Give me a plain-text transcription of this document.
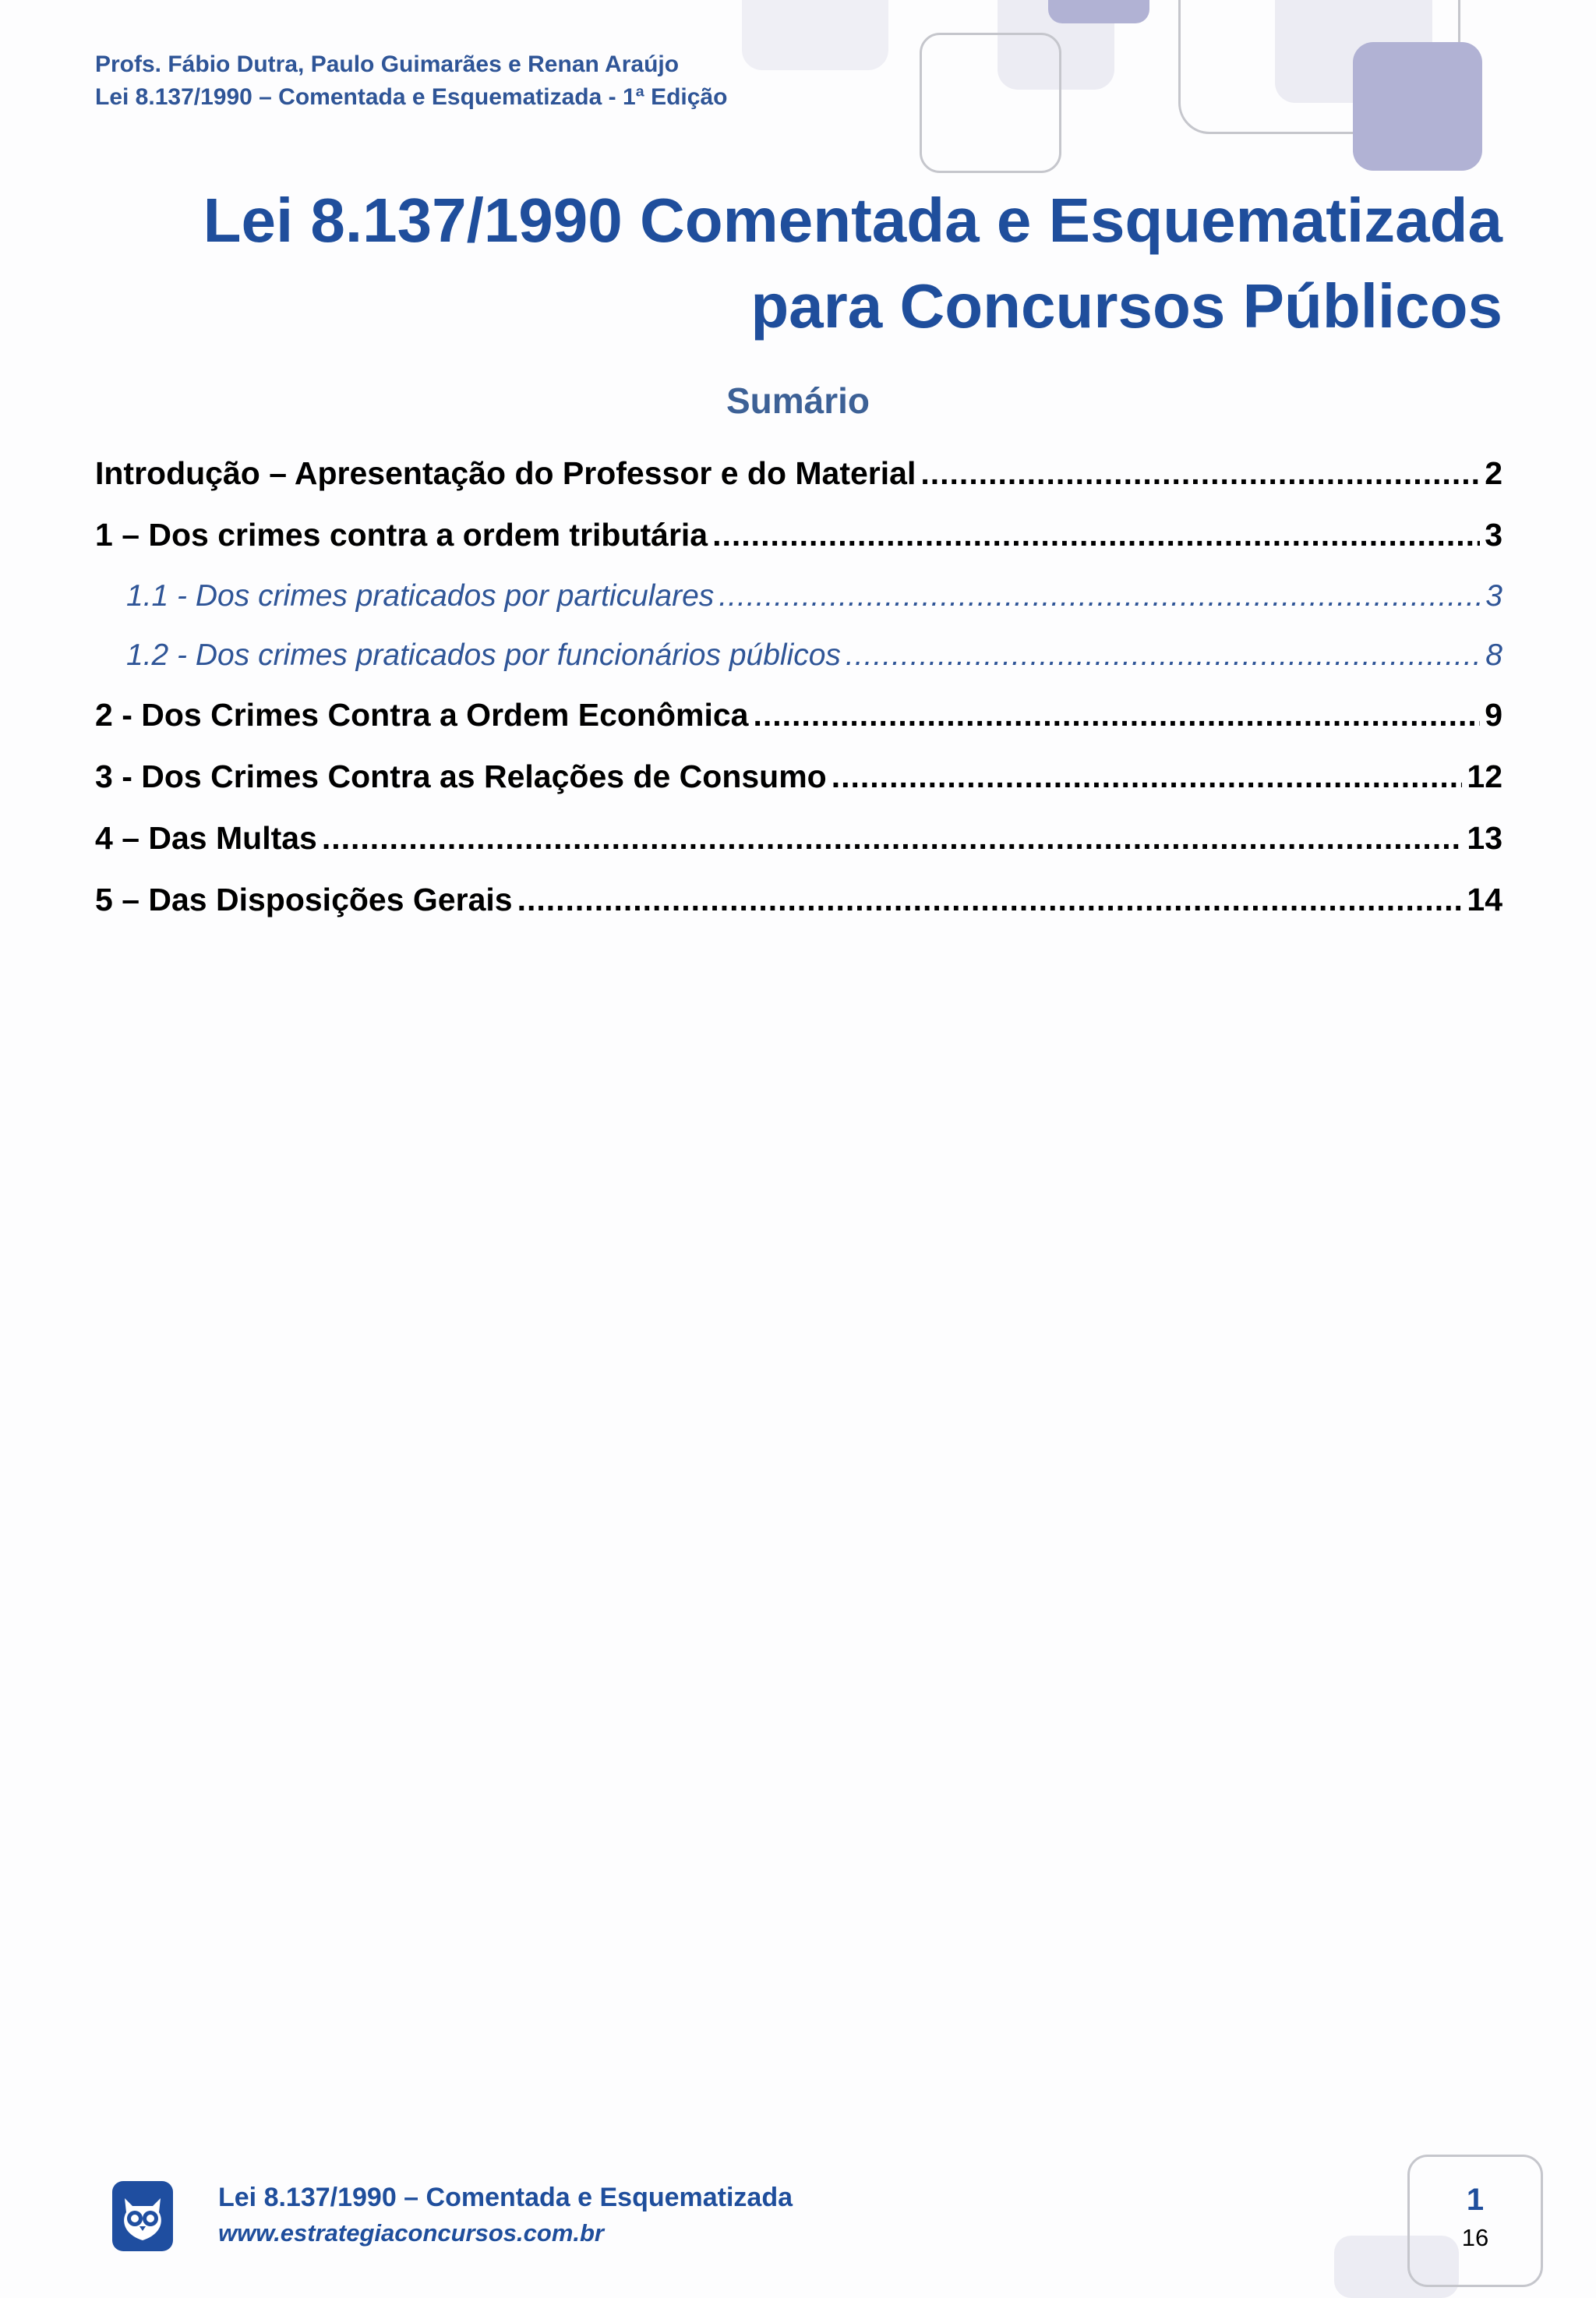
Profs. Fábio Dutra, Paulo Guimarães e Renan Araújo
Lei 8.137/1990 – Comentada e Esquematizada - 1ª Edição
Lei 8.137/1990 Comentada e Esquematizada
para Concursos Públicos
Sumário
Introdução – Apresentação do Professor e do Material .....	2
1 – Dos crimes contra a ordem tributária .....	3
1.1 - Dos crimes praticados por particulares .....	3
1.2 - Dos crimes praticados por funcionários públicos .....	8
2 - Dos Crimes Contra a Ordem Econômica .....	9
3 - Dos Crimes Contra as Relações de Consumo .....	12
4 – Das Multas .....	13
5 – Das Disposições Gerais .....	14
Lei 8.137/1990 – Comentada e Esquematizada
www.estrategiaconcursos.com.br
1
16
